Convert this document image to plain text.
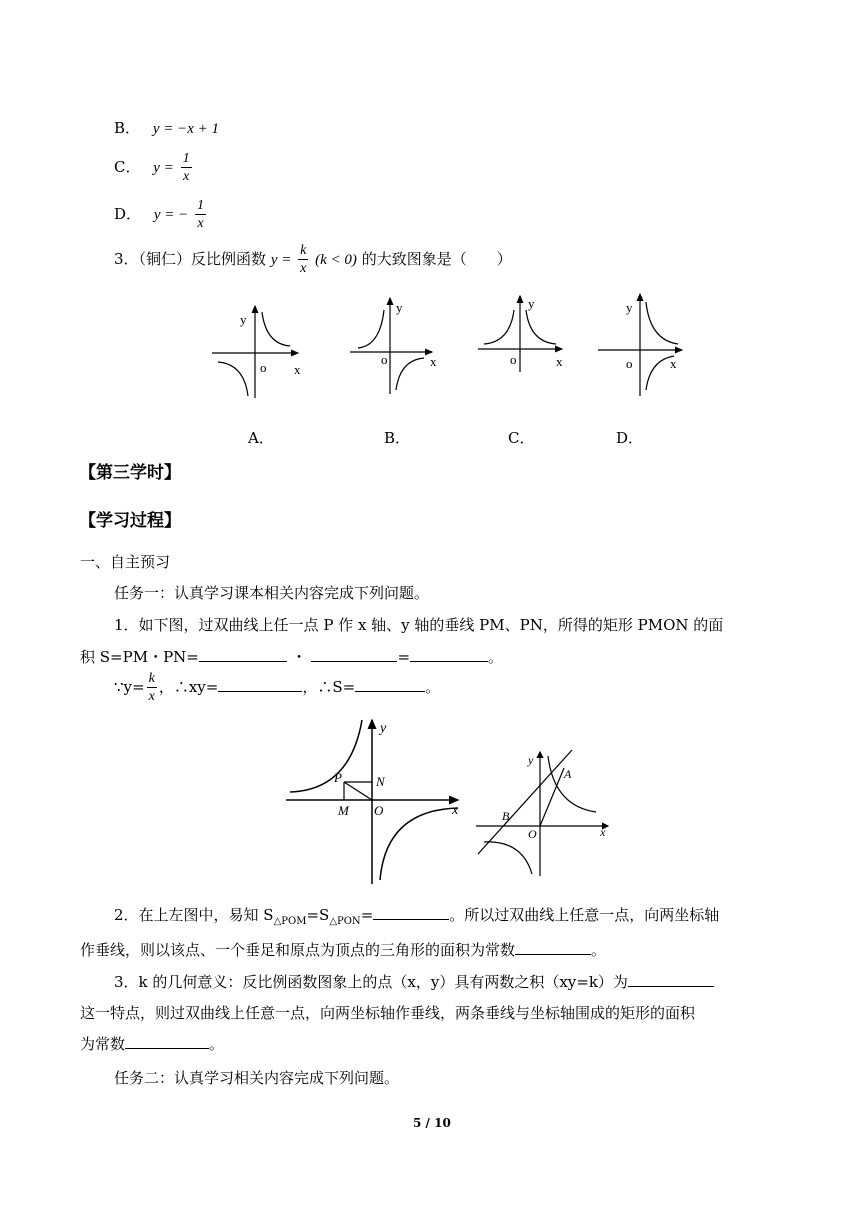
B． y = −x + 1
C． $y = \frac{1}{x}$
D． y = − $\frac{1}{x}$
3．（铜仁）反比例函数 $y = \frac{k}{x} (k < 0)$ 的大致图象是（　　）
y
o x
y
o	x
y
o	x
y
o	x
A．	B．	C．	D．
【第三学时】
【学习过程】
一、自主预习
任务一：认真学习课本相关内容完成下列问题。
1．如下图，过双曲线上任一点 P 作 x 轴、y 轴的垂线 PM、PN，所得的矩形 PMON 的面
积 S=PM・PN=	・	=	。
∵y= $\frac{k}{x}$ ，∴xy=	，∴S=	。
y
x
P	N
M O
y
x
A
B
O
2．在上左图中，易知 $S_{\triangle POM}=S_{\triangle PON}=$	。所以过双曲线上任意一点，向两坐标轴
作垂线，则以该点、一个垂足和原点为顶点的三角形的面积为常数	。
3．k 的几何意义：反比例函数图象上的点（x，y）具有两数之积（xy=k）为
这一特点，则过双曲线上任意一点，向两坐标轴作垂线，两条垂线与坐标轴围成的矩形的面积
为常数	。
任务二：认真学习相关内容完成下列问题。
5 / 10
